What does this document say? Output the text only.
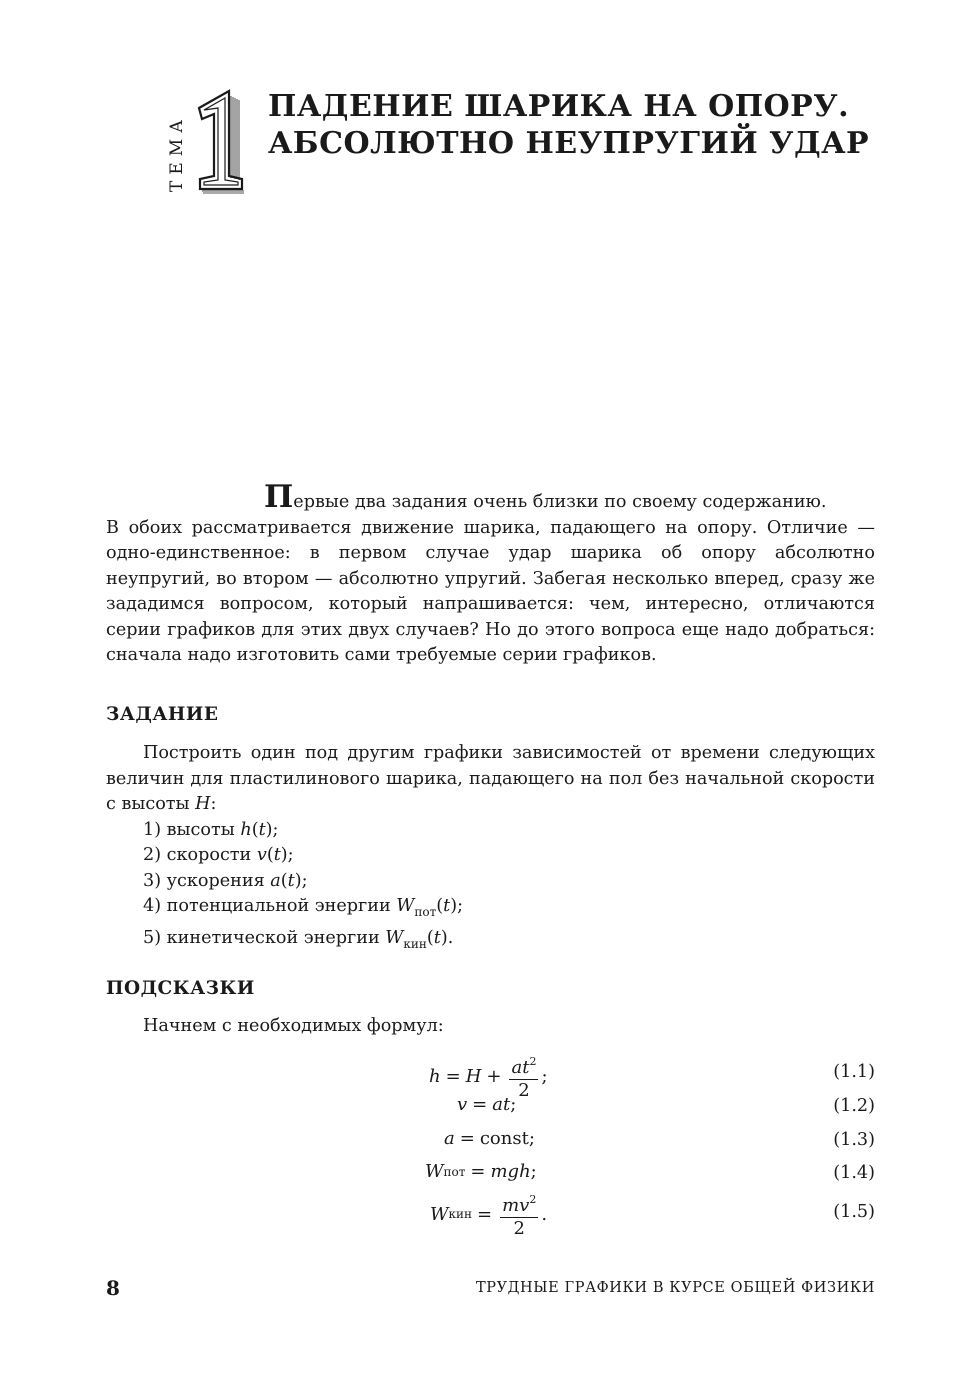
ТЕМА
ПАДЕНИЕ ШАРИКА НА ОПОРУ.
АБСОЛЮТНО НЕУПРУГИЙ УДАР
Первые два задания очень близки по своему содержанию.
В обоих рассматривается движение шарика, падающего на опору. Отличие — одно-единственное: в первом случае удар шарика об опору абсолютно неупругий, во втором — абсолютно упругий. Забегая несколько вперед, сразу же зададимся вопросом, который напрашивается: чем, интересно, отличаются серии графиков для этих двух случаев? Но до этого вопроса еще надо добраться: сначала надо изготовить сами требуемые серии графиков.
ЗАДАНИЕ
Построить один под другим графики зависимостей от времени следующих величин для пластилинового шарика, падающего на пол без начальной скорости с высоты H:
1) высоты h(t);
2) скорости v(t);
3) ускорения a(t);
4) потенциальной энергии $W_{пот}(t)$;
5) кинетической энергии $W_{кин}(t)$.
ПОДСКАЗКИ
Начнем с необходимых формул:
$h = H + \frac{at^2}{2}$ ;	(1.1)
v = at ;	(1.2)
a = const ;	(1.3)
W пот = mgh ;	(1.4)
W кин = $\frac{mv^2}{2}$ .	(1.5)
8	ТРУДНЫЕ ГРАФИКИ В КУРСЕ ОБЩЕЙ ФИЗИКИ
